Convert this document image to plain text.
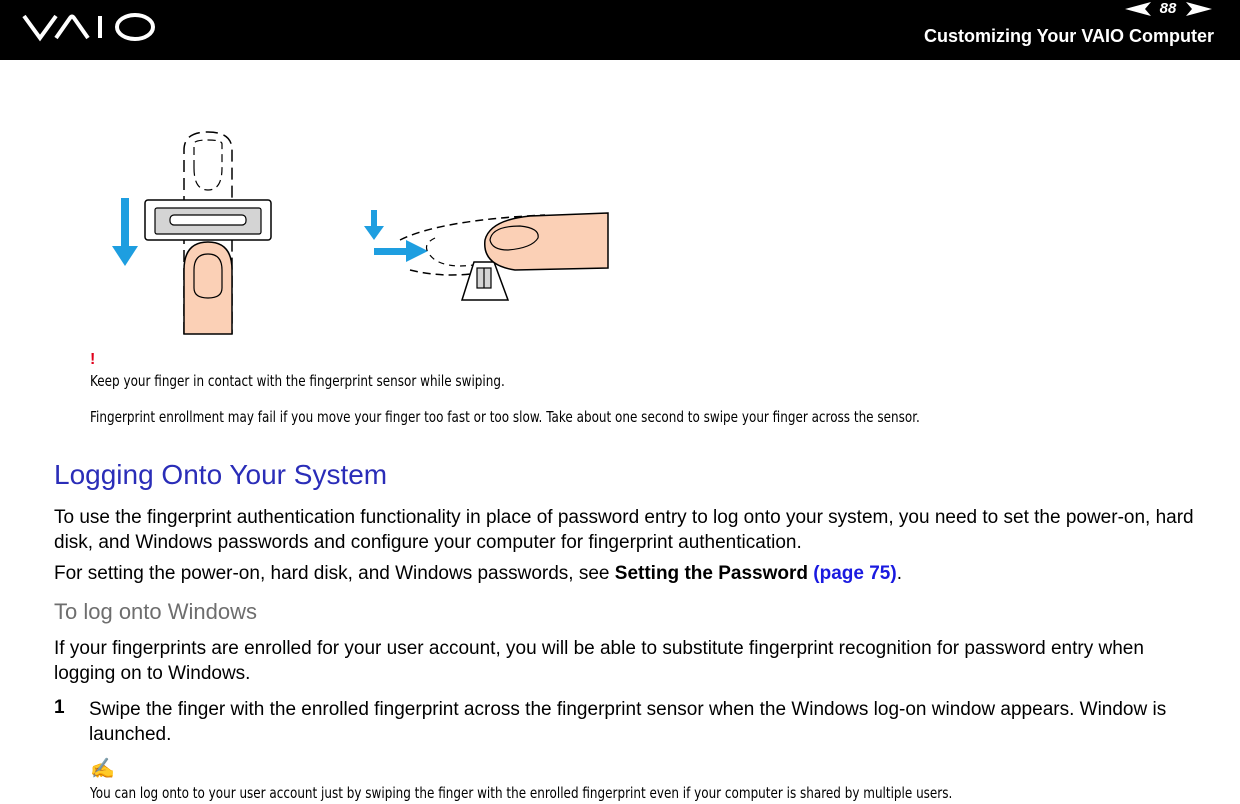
88
Customizing Your VAIO Computer
!
Keep your finger in contact with the fingerprint sensor while swiping.
Fingerprint enrollment may fail if you move your finger too fast or too slow. Take about one second to swipe your finger across the sensor.
Logging Onto Your System
To use the fingerprint authentication functionality in place of password entry to log onto your system, you need to set the power-on, hard disk, and Windows passwords and configure your computer for fingerprint authentication.
For setting the power-on, hard disk, and Windows passwords, see Setting the Password (page 75).
To log onto Windows
If your fingerprints are enrolled for your user account, you will be able to substitute fingerprint recognition for password entry when logging on to Windows.
1 Swipe the finger with the enrolled fingerprint across the fingerprint sensor when the Windows log-on window appears. Window is launched.
✍
You can log onto to your user account just by swiping the finger with the enrolled fingerprint even if your computer is shared by multiple users.
